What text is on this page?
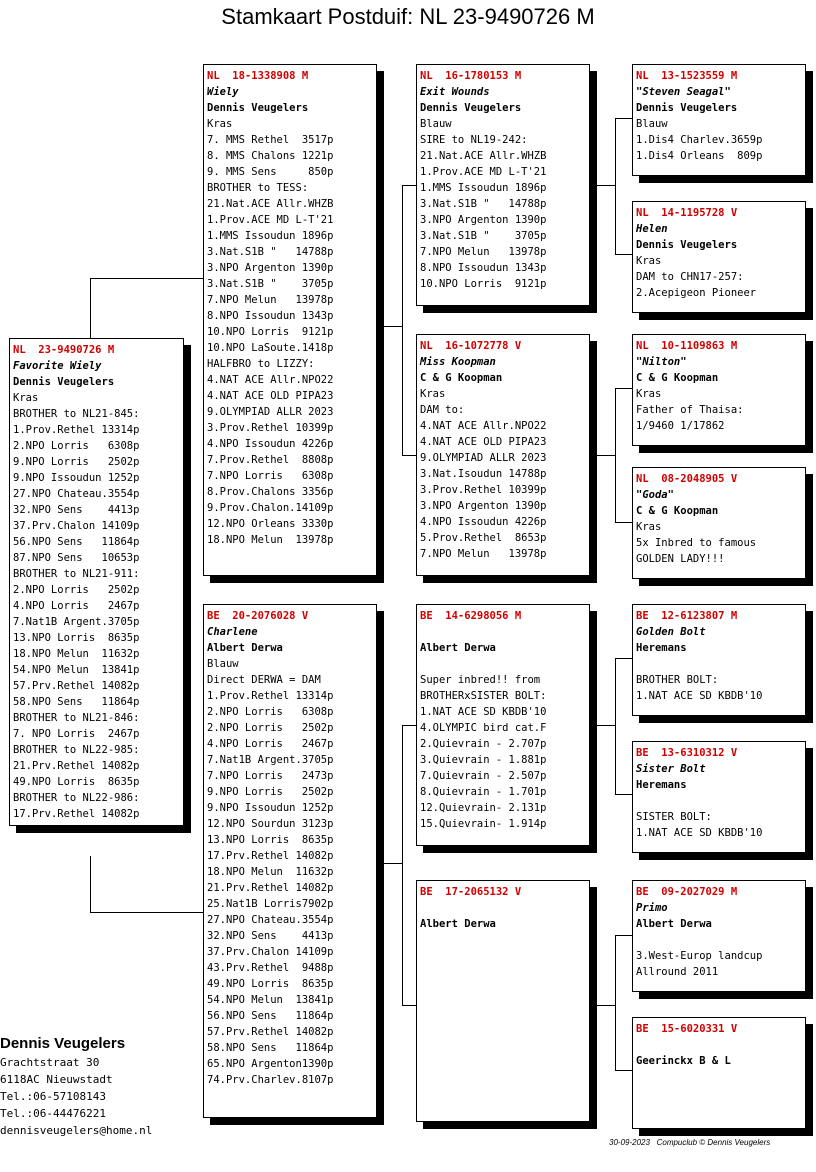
Stamkaart Postduif: NL 23-9490726 M
NL  23-9490726 M
Favorite Wiely
Dennis Veugelers
Kras
BROTHER to NL21-845:
1.Prov.Rethel 13314p
2.NPO Lorris   6308p
9.NPO Lorris   2502p
9.NPO Issoudun 1252p
27.NPO Chateau.3554p
32.NPO Sens    4413p
37.Prv.Chalon 14109p
56.NPO Sens   11864p
87.NPO Sens   10653p
BROTHER to NL21-911:
2.NPO Lorris   2502p
4.NPO Lorris   2467p
7.Nat1B Argent.3705p
13.NPO Lorris  8635p
18.NPO Melun  11632p
54.NPO Melun  13841p
57.Prv.Rethel 14082p
58.NPO Sens   11864p
BROTHER to NL21-846:
7. NPO Lorris  2467p
BROTHER to NL22-985:
21.Prv.Rethel 14082p
49.NPO Lorris  8635p
BROTHER to NL22-986:
17.Prv.Rethel 14082p
NL  18-1338908 M
Wiely
Dennis Veugelers
Kras
7. MMS Rethel  3517p
8. MMS Chalons 1221p
9. MMS Sens     850p
BROTHER to TESS:
21.Nat.ACE Allr.WHZB
1.Prov.ACE MD L-T'21
1.MMS Issoudun 1896p
3.Nat.S1B "   14788p
3.NPO Argenton 1390p
3.Nat.S1B "    3705p
7.NPO Melun   13978p
8.NPO Issoudun 1343p
10.NPO Lorris  9121p
10.NPO LaSoute.1418p
HALFBRO to LIZZY:
4.NAT ACE Allr.NPO22
4.NAT ACE OLD PIPA23
9.OLYMPIAD ALLR 2023
3.Prov.Rethel 10399p
4.NPO Issoudun 4226p
7.Prov.Rethel  8808p
7.NPO Lorris   6308p
8.Prov.Chalons 3356p
9.Prov.Chalon.14109p
12.NPO Orleans 3330p
18.NPO Melun  13978p
BE  20-2076028 V
Charlene
Albert Derwa
Blauw
Direct DERWA = DAM
1.Prov.Rethel 13314p
2.NPO Lorris   6308p
2.NPO Lorris   2502p
4.NPO Lorris   2467p
7.Nat1B Argent.3705p
7.NPO Lorris   2473p
9.NPO Lorris   2502p
9.NPO Issoudun 1252p
12.NPO Sourdun 3123p
13.NPO Lorris  8635p
17.Prv.Rethel 14082p
18.NPO Melun  11632p
21.Prv.Rethel 14082p
25.Nat1B Lorris7902p
27.NPO Chateau.3554p
32.NPO Sens    4413p
37.Prv.Chalon 14109p
43.Prv.Rethel  9488p
49.NPO Lorris  8635p
54.NPO Melun  13841p
56.NPO Sens   11864p
57.Prv.Rethel 14082p
58.NPO Sens   11864p
65.NPO Argenton1390p
74.Prv.Charlev.8107p
NL  16-1780153 M
Exit Wounds
Dennis Veugelers
Blauw
SIRE to NL19-242:
21.Nat.ACE Allr.WHZB
1.Prov.ACE MD L-T'21
1.MMS Issoudun 1896p
3.Nat.S1B "   14788p
3.NPO Argenton 1390p
3.Nat.S1B "    3705p
7.NPO Melun   13978p
8.NPO Issoudun 1343p
10.NPO Lorris  9121p
NL  16-1072778 V
Miss Koopman
C & G Koopman
Kras
DAM to:
4.NAT ACE Allr.NPO22
4.NAT ACE OLD PIPA23
9.OLYMPIAD ALLR 2023
3.Nat.Isoudun 14788p
3.Prov.Rethel 10399p
3.NPO Argenton 1390p
4.NPO Issoudun 4226p
5.Prov.Rethel  8653p
7.NPO Melun   13978p
BE  14-6298056 M
Albert Derwa
Super inbred!! from
BROTHERxSISTER BOLT:
1.NAT ACE SD KBDB'10
4.OLYMPIC bird cat.F
2.Quievrain - 2.707p
3.Quievrain - 1.881p
7.Quievrain - 2.507p
8.Quievrain - 1.701p
12.Quievrain- 2.131p
15.Quievrain- 1.914p
BE  17-2065132 V
Albert Derwa
NL  13-1523559 M
"Steven Seagal"
Dennis Veugelers
Blauw
1.Dis4 Charlev.3659p
1.Dis4 Orleans  809p
NL  14-1195728 V
Helen
Dennis Veugelers
Kras
DAM to CHN17-257:
2.Acepigeon Pioneer
NL  10-1109863 M
"Nilton"
C & G Koopman
Kras
Father of Thaisa:
1/9460 1/17862
NL  08-2048905 V
"Goda"
C & G Koopman
Kras
5x Inbred to famous
GOLDEN LADY!!!
BE  12-6123807 M
Golden Bolt
Heremans
BROTHER BOLT:
1.NAT ACE SD KBDB'10
BE  13-6310312 V
Sister Bolt
Heremans
SISTER BOLT:
1.NAT ACE SD KBDB'10
BE  09-2027029 M
Primo
Albert Derwa
3.West-Europ landcup
Allround 2011
BE  15-6020331 V
Geerinckx B & L
Dennis Veugelers
Grachtstraat 30
6118AC Nieuwstadt
Tel.:06-57108143
Tel.:06-44476221
dennisveugelers@home.nl
30-09-2023   Compuclub © Dennis Veugelers
